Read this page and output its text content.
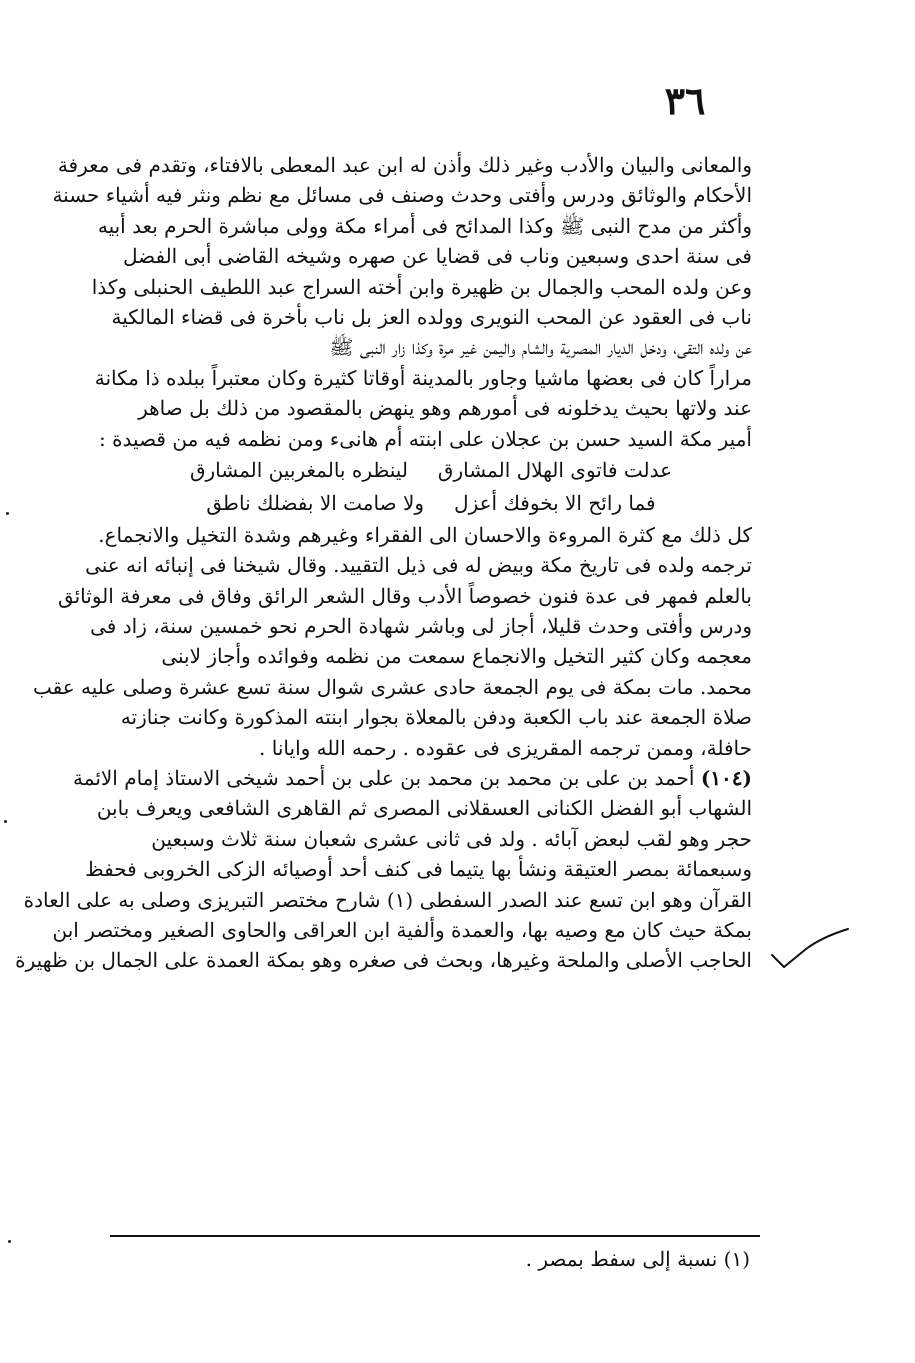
٣٦
والمعانى والبيان والأدب وغير ذلك وأذن له ابن عبد المعطى بالافتاء، وتقدم فى معرفة
الأحكام والوثائق ودرس وأفتى وحدث وصنف فى مسائل مع نظم ونثر فيه أشياء حسنة
وأكثر من مدح النبى ﷺ وكذا المدائح فى أمراء مكة وولى مباشرة الحرم بعد أبيه
فى سنة احدى وسبعين وناب فى قضايا عن صهره وشيخه القاضى أبى الفضل
وعن ولده المحب والجمال بن ظهيرة وابن أخته السراج عبد اللطيف الحنبلى وكذا
ناب فى العقود عن المحب النويرى وولده العز بل ناب بأخرة فى قضاء المالكية
عن ولده التقى، ودخل الديار المصرية والشام واليمن غير مرة وكذا زار النبى ﷺ
مراراً كان فى بعضها ماشيا وجاور بالمدينة أوقاتا كثيرة وكان معتبراً ببلده ذا مكانة
عند ولاتها بحيث يدخلونه فى أمورهم وهو ينهض بالمقصود من ذلك بل صاهر
أمير مكة السيد حسن بن عجلان على ابنته أم هانىء ومن نظمه فيه من قصيدة :
عدلت فاتوى الهلال المشارق
لينظره بالمغربين المشارق
فما رائح الا بخوفك أعزل
ولا صامت الا بفضلك ناطق
كل ذلك مع كثرة المروءة والاحسان الى الفقراء وغيرهم وشدة التخيل والانجماع.
ترجمه ولده فى تاريخ مكة وبيض له فى ذيل التقييد. وقال شيخنا فى إنبائه انه عنى
بالعلم فمهر فى عدة فنون خصوصاً الأدب وقال الشعر الرائق وفاق فى معرفة الوثائق
ودرس وأفتى وحدث قليلا، أجاز لى وباشر شهادة الحرم نحو خمسين سنة، زاد فى
معجمه وكان كثير التخيل والانجماع سمعت من نظمه وفوائده وأجاز لابنى
محمد. مات بمكة فى يوم الجمعة حادى عشرى شوال سنة تسع عشرة وصلى عليه عقب
صلاة الجمعة عند باب الكعبة ودفن بالمعلاة بجوار ابنته المذكورة وكانت جنازته
حافلة، وممن ترجمه المقريزى فى عقوده . رحمه الله وايانا .
(١٠٤) أحمد بن على بن محمد بن محمد بن على بن أحمد شيخى الاستاذ إمام الائمة
الشهاب أبو الفضل الكنانى العسقلانى المصرى ثم القاهرى الشافعى ويعرف بابن
حجر وهو لقب لبعض آبائه . ولد فى ثانى عشرى شعبان سنة ثلاث وسبعين
وسبعمائة بمصر العتيقة ونشأ بها يتيما فى كنف أحد أوصيائه الزكى الخروبى فحفظ
القرآن وهو ابن تسع عند الصدر السفطى (١) شارح مختصر التبريزى وصلى به على العادة
بمكة حيث كان مع وصيه بها، والعمدة وألفية ابن العراقى والحاوى الصغير ومختصر ابن
الحاجب الأصلى والملحة وغيرها، وبحث فى صغره وهو بمكة العمدة على الجمال بن ظهيرة
(١) نسبة إلى سفط بمصر .
